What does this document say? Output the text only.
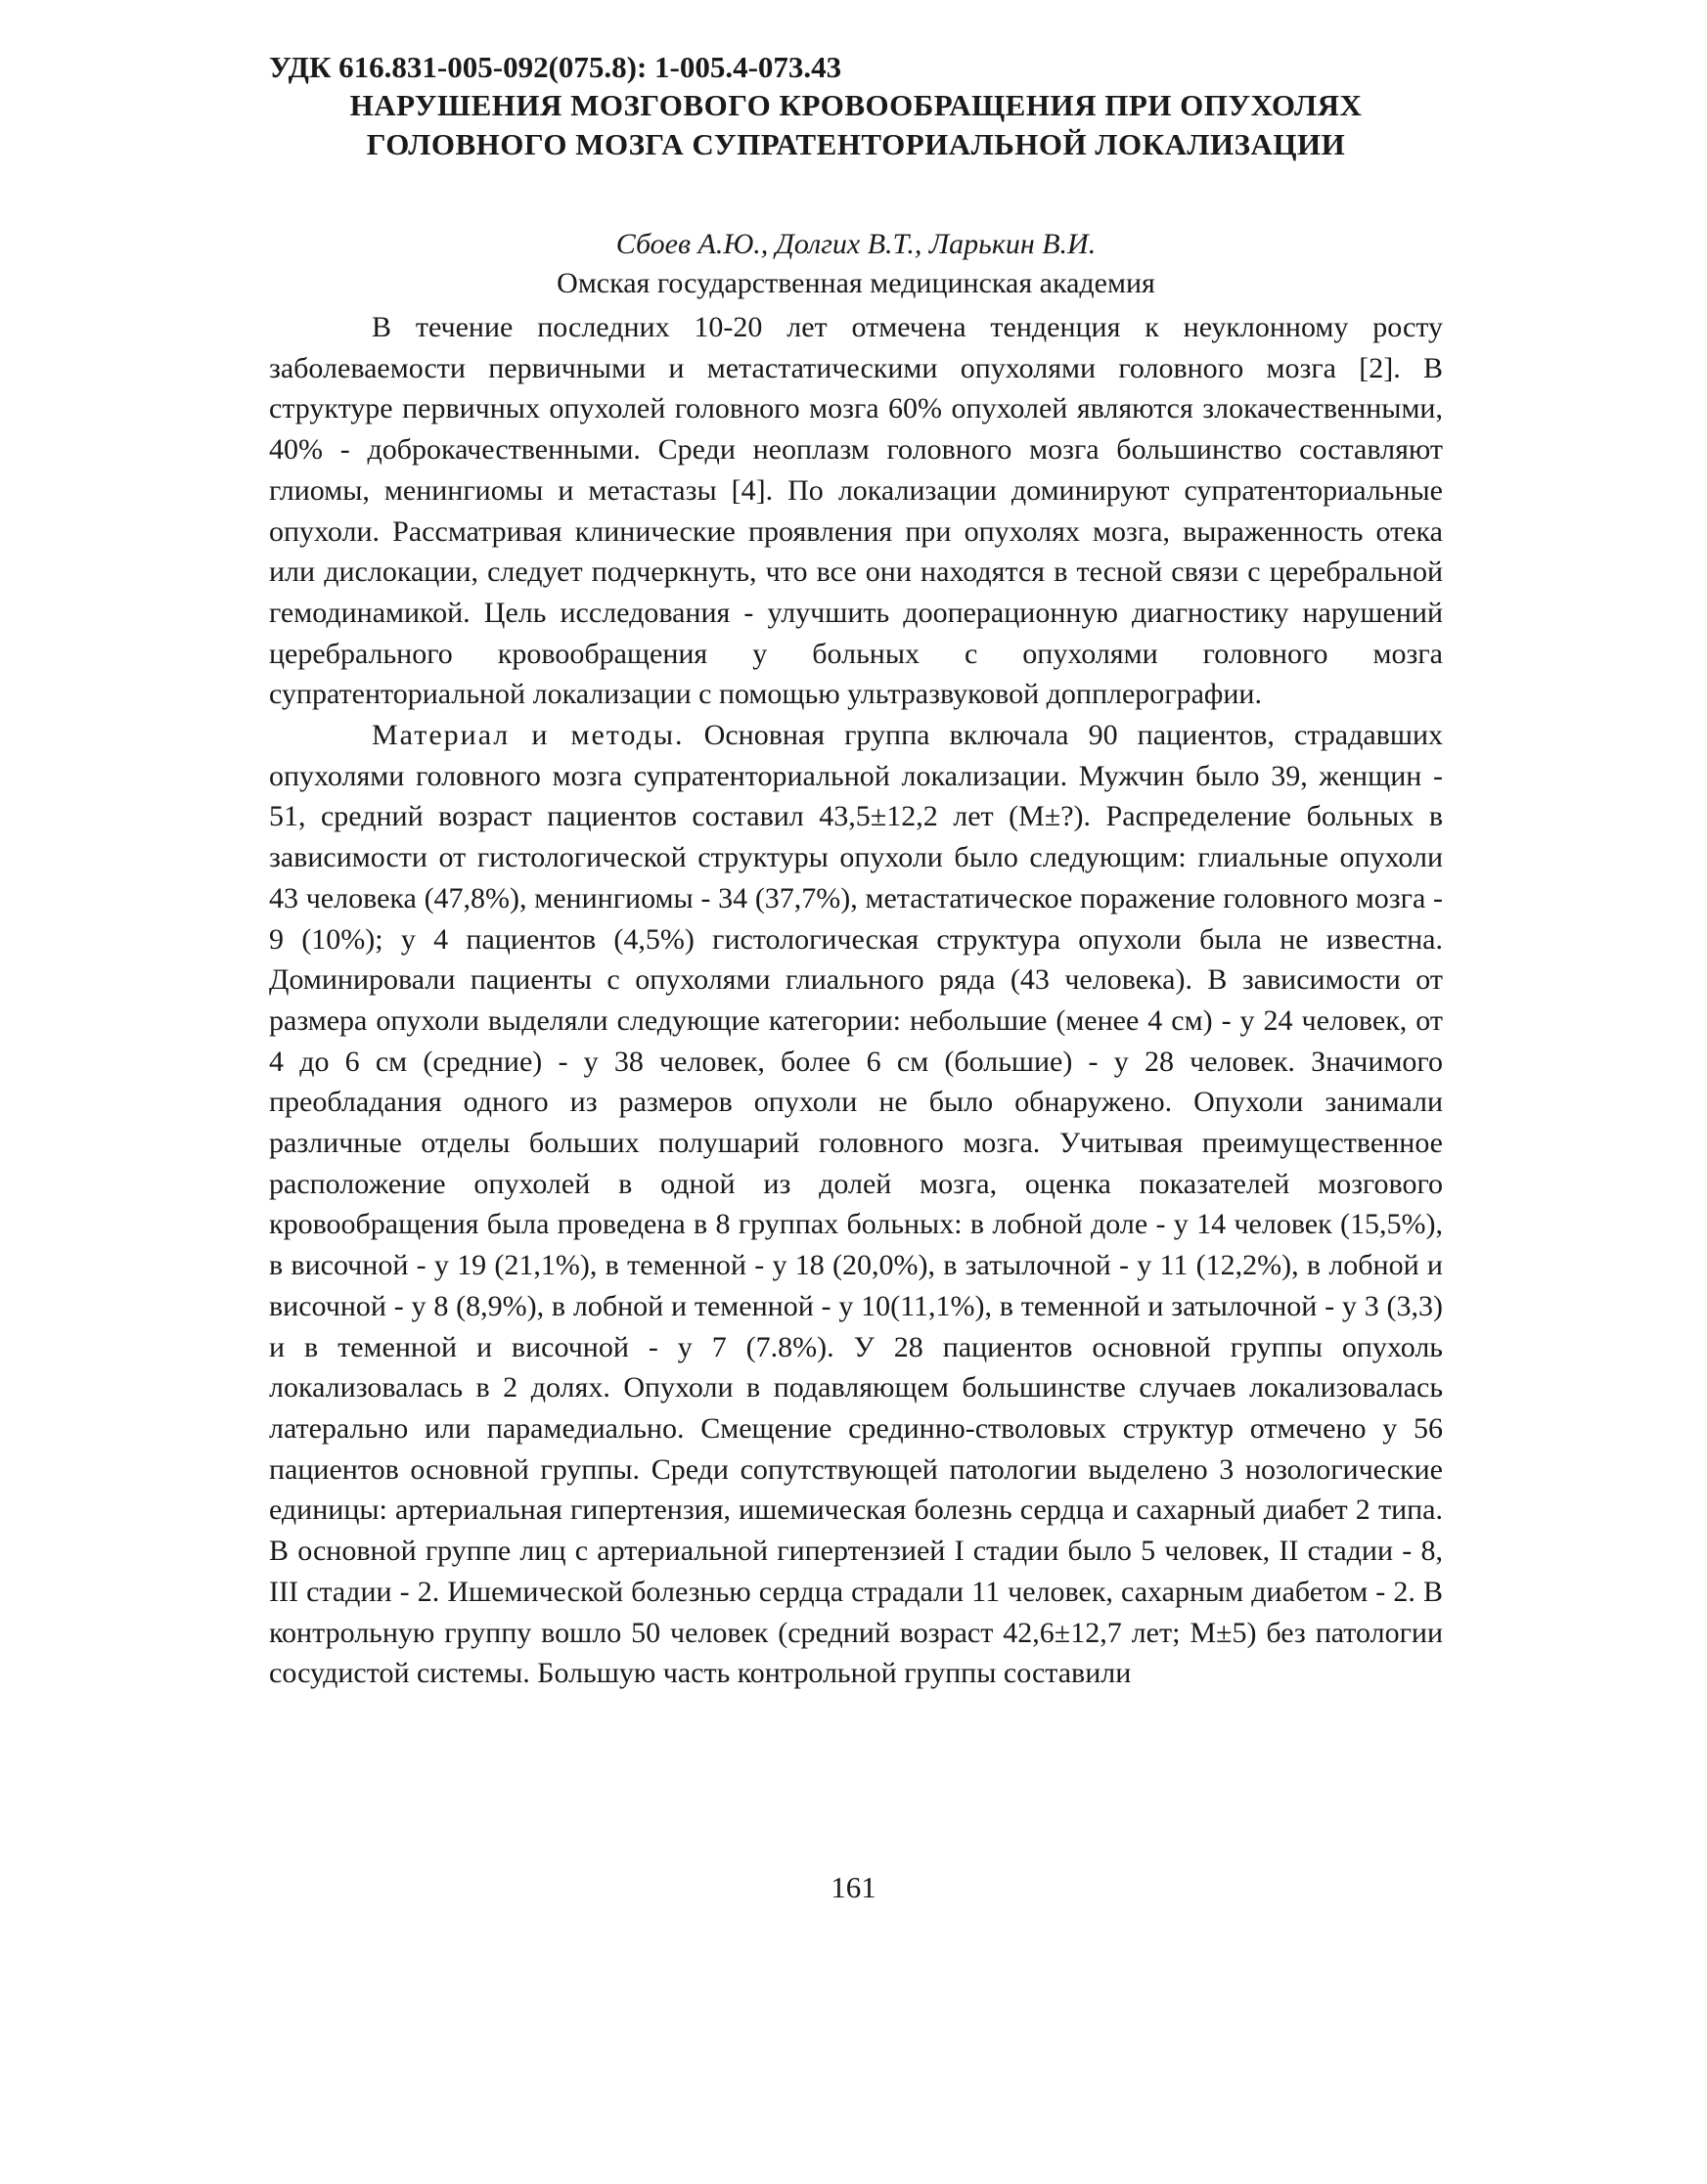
УДК 616.831-005-092(075.8): 1-005.4-073.43

НАРУШЕНИЯ МОЗГОВОГО КРОВООБРАЩЕНИЯ ПРИ ОПУХОЛЯХ

ГОЛОВНОГО МОЗГА СУПРАТЕНТОРИАЛЬНОЙ ЛОКАЛИЗАЦИИ

Сбоев А.Ю., Долгих В.Т., Ларькин В.И.

Омская государственная медицинская академия

В течение последних 10-20 лет отмечена тенденция к неуклонному росту заболеваемости первичными и метастатическими опухолями головного мозга [2]. В структуре первичных опухолей головного мозга 60% опухолей являются злокачественными, 40% - доброкачественными. Среди неоплазм головного мозга большинство составляют глиомы, менингиомы и метастазы [4]. По локализации доминируют супратенториальные опухоли. Рассматривая клинические проявления при опухолях мозга, выраженность отека или дислокации, следует подчеркнуть, что все они находятся в тесной связи с церебральной гемодинамикой. Цель исследования - улучшить дооперационную диагностику нарушений церебрального кровообращения у больных с опухолями головного мозга супратенториальной локализации с помощью ультразвуковой допплерографии.

Материал и методы. Основная группа включала 90 пациентов, страдавших опухолями головного мозга супратенториальной локализации. Мужчин было 39, женщин - 51, средний возраст пациентов составил 43,5±12,2 лет (М±?). Распределение больных в зависимости от гистологической структуры опухоли было следующим: глиальные опухоли 43 человека (47,8%), менингиомы - 34 (37,7%), метастатическое поражение головного мозга - 9 (10%); у 4 пациентов (4,5%) гистологическая структура опухоли была не известна. Доминировали пациенты с опухолями глиального ряда (43 человека). В зависимости от размера опухоли выделяли следующие категории: небольшие (менее 4 см) - у 24 человек, от 4 до 6 см (средние) - у 38 человек, более 6 см (большие) - у 28 человек. Значимого преобладания одного из размеров опухоли не было обнаружено. Опухоли занимали различные отделы больших полушарий головного мозга. Учитывая преимущественное расположение опухолей в одной из долей мозга, оценка показателей мозгового кровообращения была проведена в 8 группах больных: в лобной доле - у 14 человек (15,5%), в височной - у 19 (21,1%), в теменной - у 18 (20,0%), в затылочной - у 11 (12,2%), в лобной и височной - у 8 (8,9%), в лобной и теменной - у 10(11,1%), в теменной и затылочной - у 3 (3,3) и в теменной и височной - у 7 (7.8%). У 28 пациентов основной группы опухоль локализовалась в 2 долях. Опухоли в подавляющем большинстве случаев локализовалась латерально или парамедиально. Смещение срединно-стволовых структур отмечено у 56 пациентов основной группы. Среди сопутствующей патологии выделено 3 нозологические единицы: артериальная гипертензия, ишемическая болезнь сердца и сахарный диабет 2 типа. В основной группе лиц с артериальной гипертензией I стадии было 5 человек, II стадии - 8, III стадии - 2. Ишемической болезнью сердца страдали 11 человек, сахарным диабетом - 2. В контрольную группу вошло 50 человек (средний возраст 42,6±12,7 лет; М±5) без патологии сосудистой системы. Большую часть контрольной группы составили

161
